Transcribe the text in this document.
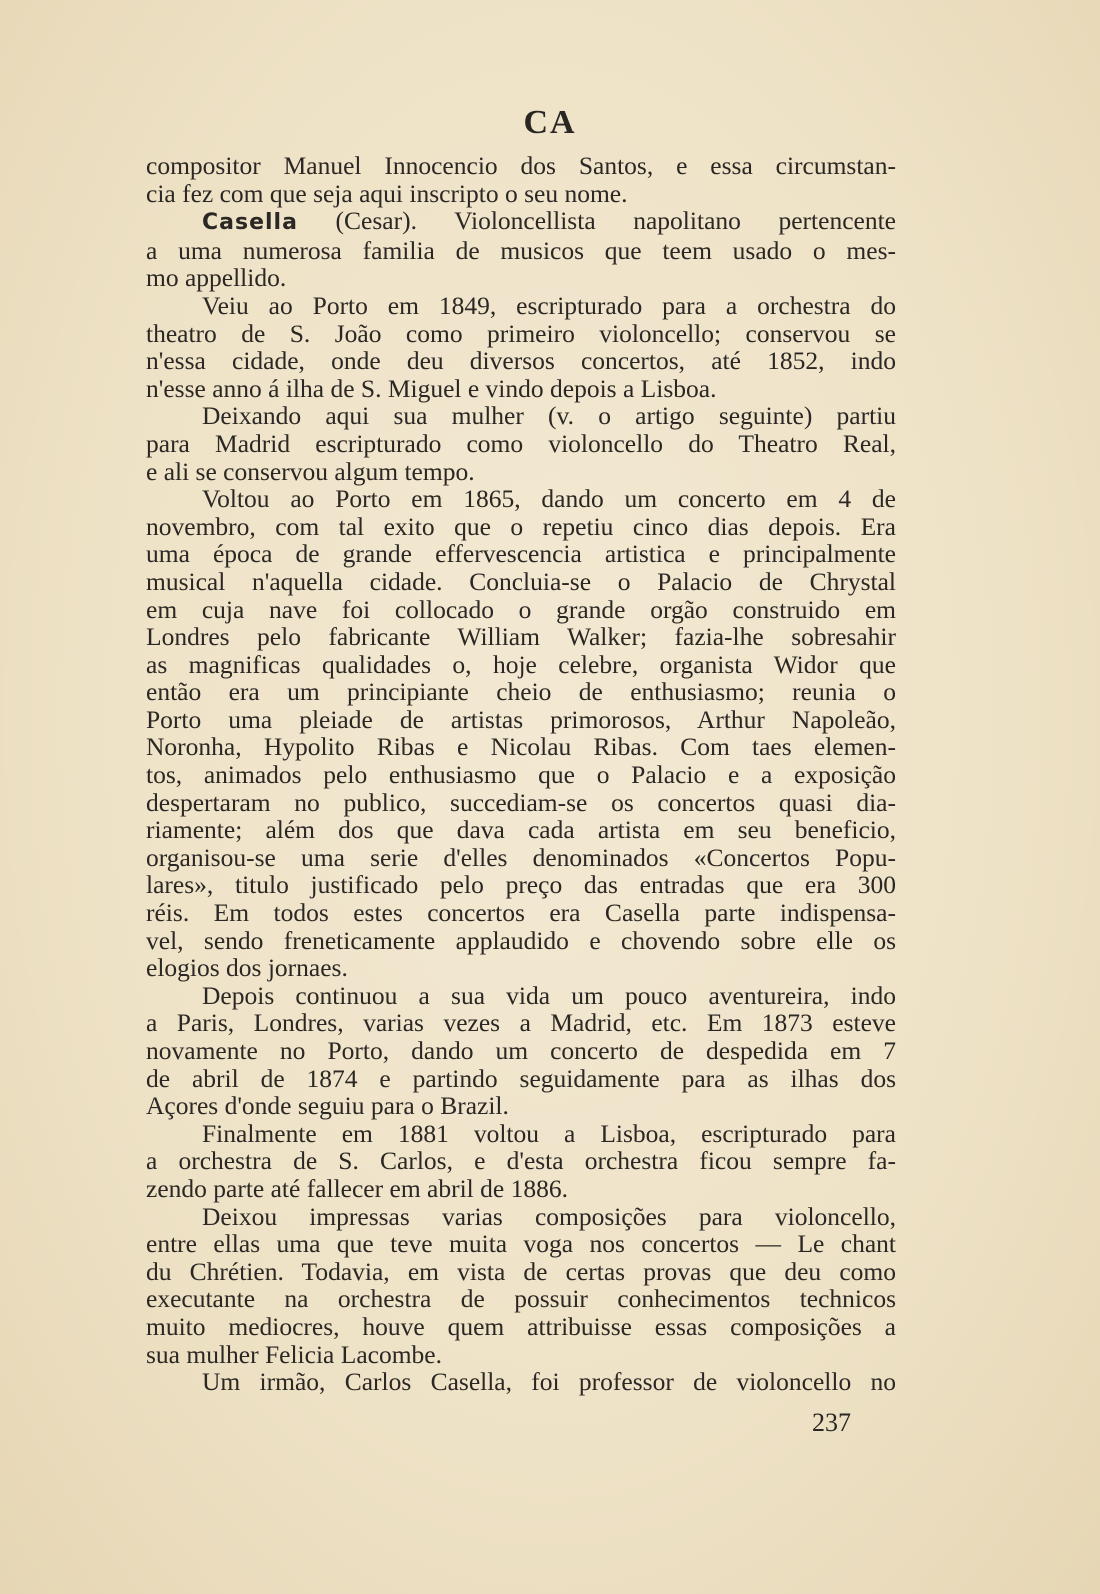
CA
compositor Manuel Innocencio dos Santos, e essa circumstan-
cia fez com que seja aqui inscripto o seu nome.
Casella (Cesar). Violoncellista napolitano pertencente
a uma numerosa familia de musicos que teem usado o mes-
mo appellido.
Veiu ao Porto em 1849, escripturado para a orchestra do
theatro de S. João como primeiro violoncello; conservou se
n'essa cidade, onde deu diversos concertos, até 1852, indo
n'esse anno á ilha de S. Miguel e vindo depois a Lisboa.
Deixando aqui sua mulher (v. o artigo seguinte) partiu
para Madrid escripturado como violoncello do Theatro Real,
e ali se conservou algum tempo.
Voltou ao Porto em 1865, dando um concerto em 4 de
novembro, com tal exito que o repetiu cinco dias depois. Era
uma época de grande effervescencia artistica e principalmente
musical n'aquella cidade. Concluia-se o Palacio de Chrystal
em cuja nave foi collocado o grande orgão construido em
Londres pelo fabricante William Walker; fazia-lhe sobresahir
as magnificas qualidades o, hoje celebre, organista Widor que
então era um principiante cheio de enthusiasmo; reunia o
Porto uma pleiade de artistas primorosos, Arthur Napoleão,
Noronha, Hypolito Ribas e Nicolau Ribas. Com taes elemen-
tos, animados pelo enthusiasmo que o Palacio e a exposição
despertaram no publico, succediam-se os concertos quasi dia-
riamente; além dos que dava cada artista em seu beneficio,
organisou-se uma serie d'elles denominados «Concertos Popu-
lares», titulo justificado pelo preço das entradas que era 300
réis. Em todos estes concertos era Casella parte indispensa-
vel, sendo freneticamente applaudido e chovendo sobre elle os
elogios dos jornaes.
Depois continuou a sua vida um pouco aventureira, indo
a Paris, Londres, varias vezes a Madrid, etc. Em 1873 esteve
novamente no Porto, dando um concerto de despedida em 7
de abril de 1874 e partindo seguidamente para as ilhas dos
Açores d'onde seguiu para o Brazil.
Finalmente em 1881 voltou a Lisboa, escripturado para
a orchestra de S. Carlos, e d'esta orchestra ficou sempre fa-
zendo parte até fallecer em abril de 1886.
Deixou impressas varias composições para violoncello,
entre ellas uma que teve muita voga nos concertos — Le chant
du Chrétien. Todavia, em vista de certas provas que deu como
executante na orchestra de possuir conhecimentos technicos
muito mediocres, houve quem attribuisse essas composições a
sua mulher Felicia Lacombe.
Um irmão, Carlos Casella, foi professor de violoncello no
237
